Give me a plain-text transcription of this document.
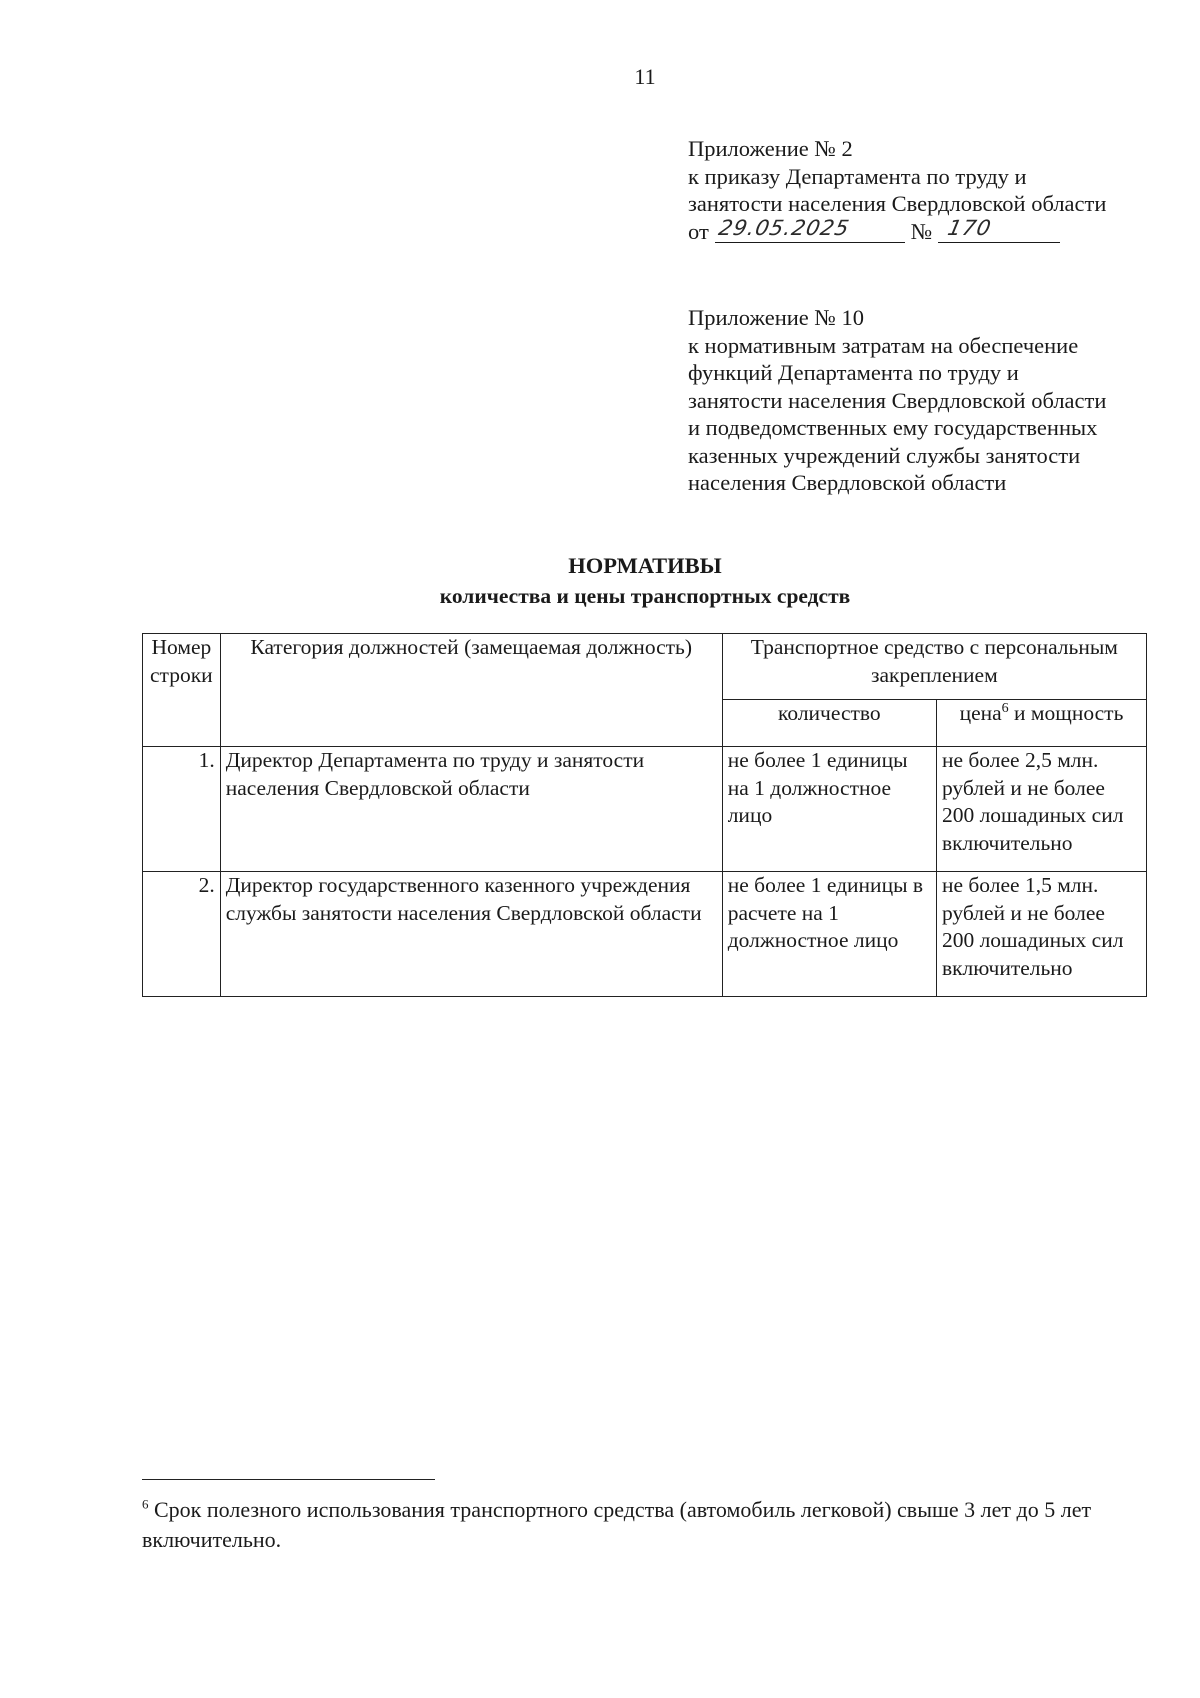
11
Приложение № 2
к приказу Департамента по труду и
занятости населения Свердловской области
от 29.05.2025	№ 170
Приложение № 10
к нормативным затратам на обеспечение
функций Департамента по труду и
занятости населения Свердловской области
и подведомственных ему государственных
казенных учреждений службы занятости
населения Свердловской области
НОРМАТИВЫ
количества и цены транспортных средств
Номер строки	Категория должностей (замещаемая должность)	Транспортное средство с персональным закреплением	
		количество	цена$^6$ и мощность
1.	Директор Департамента по труду и занятости населения Свердловской области	не более 1 единицы на 1 должностное лицо	не более 2,5 млн. рублей и не более 200 лошадиных сил включительно
2.	Директор государственного казенного учреждения службы занятости населения Свердловской области	не более 1 единицы в расчете на 1 должностное лицо	не более 1,5 млн. рублей и не более 200 лошадиных сил включительно
$^6$ Срок полезного использования транспортного средства (автомобиль легковой) свыше 3 лет до 5 лет включительно.
